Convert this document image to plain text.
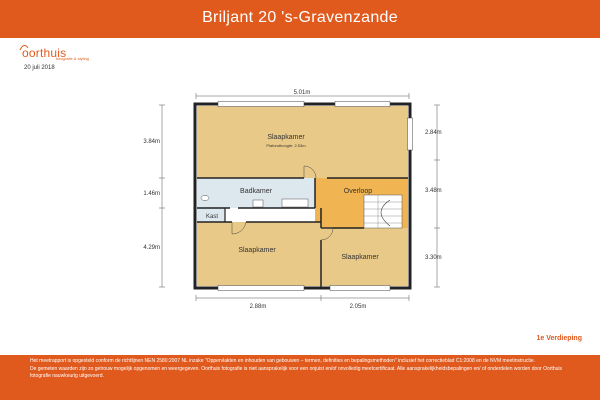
Briljant 20 's-Gravenzande
oorthuis
fotografie & styling
20 juli 2018
5.01m
2.88m	2.05m
3.84m
1.46m
4.29m
2.84m
3.48m
3.30m
Slaapkamer
Plafondhoogte: 2.53m
Badkamer	Overloop
Kast
Slaapkamer
Slaapkamer
1e Verdieping

Het meetrapport is opgesteld conform de richtlijnen NEN 2580:2007 NL inzake "Oppervlakten en inhouden van gebouwen – termen, definities en bepalingsmethoden" inclusief het correctieblad C1:2008 en de NVM meetinstructie.

De gemeten waarden zijn zo getrouw mogelijk opgenomen en weergegeven. Oorthuis fotografie is niet aansprakelijk voor een onjuist en/of onvolledig meetcertificaat. Alle aansprakelijkheidsbepalingen en/ of onderdelen worden door Oorthuis fotografie nauwkeurig uitgevoerd.
